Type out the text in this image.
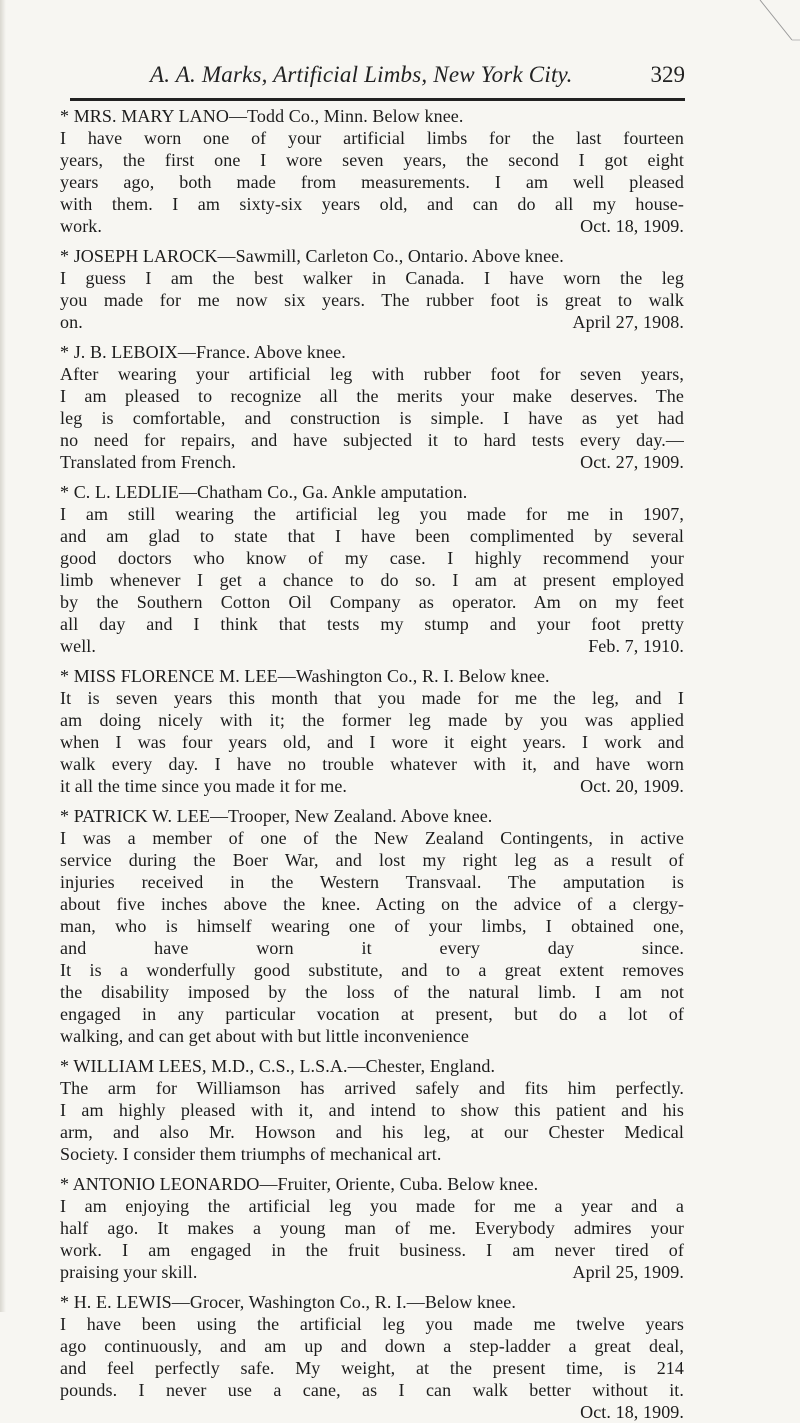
A. A. Marks, Artificial Limbs, New York City.	329
* MRS. MARY LANO—Todd Co., Minn. Below knee.
I have worn one of your artificial limbs for the last fourteen
years, the first one I wore seven years, the second I got eight
years ago, both made from measurements. I am well pleased
with them. I am sixty-six years old, and can do all my house-
work.	Oct. 18, 1909.
* JOSEPH LAROCK—Sawmill, Carleton Co., Ontario. Above knee.
I guess I am the best walker in Canada. I have worn the leg
you made for me now six years. The rubber foot is great to walk
on.	April 27, 1908.
* J. B. LEBOIX—France. Above knee.
After wearing your artificial leg with rubber foot for seven years,
I am pleased to recognize all the merits your make deserves. The
leg is comfortable, and construction is simple. I have as yet had
no need for repairs, and have subjected it to hard tests every day.—
Translated from French.	Oct. 27, 1909.
* C. L. LEDLIE—Chatham Co., Ga. Ankle amputation.
I am still wearing the artificial leg you made for me in 1907,
and am glad to state that I have been complimented by several
good doctors who know of my case. I highly recommend your
limb whenever I get a chance to do so. I am at present employed
by the Southern Cotton Oil Company as operator. Am on my feet
all day and I think that tests my stump and your foot pretty
well.	Feb. 7, 1910.
* MISS FLORENCE M. LEE—Washington Co., R. I. Below knee.
It is seven years this month that you made for me the leg, and I
am doing nicely with it; the former leg made by you was applied
when I was four years old, and I wore it eight years. I work and
walk every day. I have no trouble whatever with it, and have worn
it all the time since you made it for me.	Oct. 20, 1909.
* PATRICK W. LEE—Trooper, New Zealand. Above knee.
I was a member of one of the New Zealand Contingents, in active
service during the Boer War, and lost my right leg as a result of
injuries received in the Western Transvaal. The amputation is
about five inches above the knee. Acting on the advice of a clergy-
man, who is himself wearing one of your limbs, I obtained one,
and have worn it every day since.
It is a wonderfully good substitute, and to a great extent removes
the disability imposed by the loss of the natural limb. I am not
engaged in any particular vocation at present, but do a lot of
walking, and can get about with but little inconvenience
* WILLIAM LEES, M.D., C.S., L.S.A.—Chester, England.
The arm for Williamson has arrived safely and fits him perfectly.
I am highly pleased with it, and intend to show this patient and his
arm, and also Mr. Howson and his leg, at our Chester Medical
Society. I consider them triumphs of mechanical art.
* ANTONIO LEONARDO—Fruiter, Oriente, Cuba. Below knee.
I am enjoying the artificial leg you made for me a year and a
half ago. It makes a young man of me. Everybody admires your
work. I am engaged in the fruit business. I am never tired of
praising your skill.	April 25, 1909.
* H. E. LEWIS—Grocer, Washington Co., R. I.—Below knee.
I have been using the artificial leg you made me twelve years
ago continuously, and am up and down a step-ladder a great deal,
and feel perfectly safe. My weight, at the present time, is 214
pounds. I never use a cane, as I can walk better without it.
Oct. 18, 1909.
